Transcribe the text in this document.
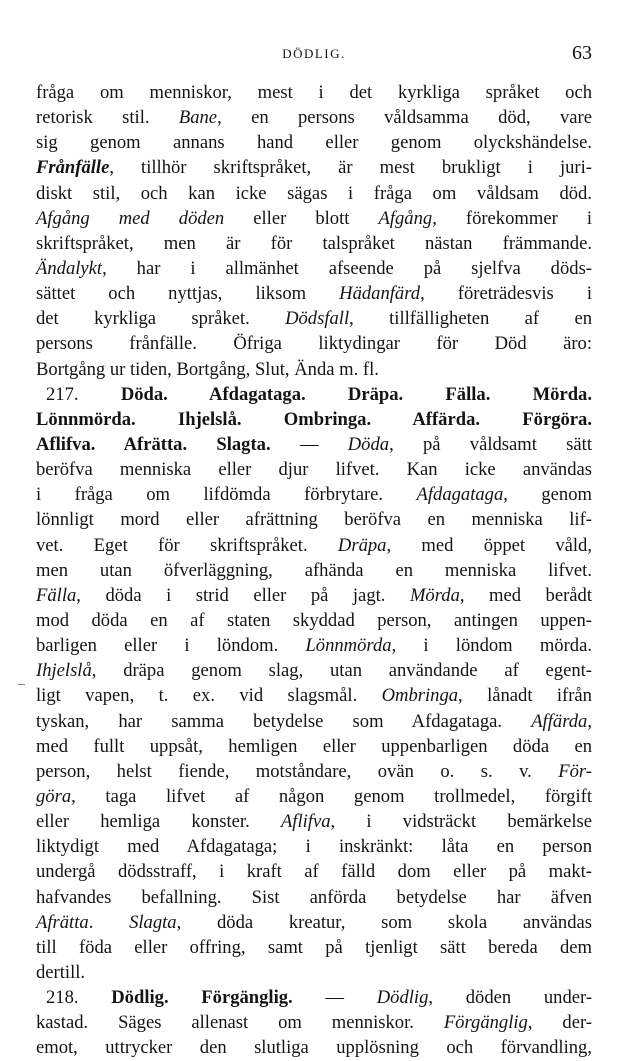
DÖDLIG.	63
_
fråga om menniskor, mest i det kyrkliga språket och
retorisk stil. Bane, en persons våldsamma död, vare
sig genom annans hand eller genom olyckshändelse.
Frånfälle, tillhör skriftspråket, är mest brukligt i juri-
diskt stil, och kan icke sägas i fråga om våldsam död.
Afgång med döden eller blott Afgång, förekommer i
skriftspråket, men är för talspråket nästan främmande.
Ändalykt, har i allmänhet afseende på sjelfva döds-
sättet och nyttjas, liksom Hädanfärd, företrädesvis i
det kyrkliga språket. Dödsfall, tillfälligheten af en
persons frånfälle. Öfriga liktydingar för Död äro:
Bortgång ur tiden, Bortgång, Slut, Ända m. fl.
217. Döda. Afdagataga. Dräpa. Fälla. Mörda.
Lönnmörda. Ihjelslå. Ombringa. Affärda. Förgöra.
Aflifva. Afrätta. Slagta. — Döda, på våldsamt sätt
beröfva menniska eller djur lifvet. Kan icke användas
i fråga om lifdömda förbrytare. Afdagataga, genom
lönnligt mord eller afrättning beröfva en menniska lif-
vet. Eget för skriftspråket. Dräpa, med öppet våld,
men utan öfverläggning, afhända en menniska lifvet.
Fälla, döda i strid eller på jagt. Mörda, med berådt
mod döda en af staten skyddad person, antingen uppen-
barligen eller i löndom. Lönnmörda, i löndom mörda.
Ihjelslå, dräpa genom slag, utan användande af egent-
ligt vapen, t. ex. vid slagsmål. Ombringa, lånadt ifrån
tyskan, har samma betydelse som Afdagataga. Affärda,
med fullt uppsåt, hemligen eller uppenbarligen döda en
person, helst fiende, motståndare, ovän o. s. v. För-
göra, taga lifvet af någon genom trollmedel, förgift
eller hemliga konster. Aflifva, i vidsträckt bemärkelse
liktydigt med Afdagataga; i inskränkt: låta en person
undergå dödsstraff, i kraft af fälld dom eller på makt-
hafvandes befallning. Sist anförda betydelse har äfven
Afrätta. Slagta, döda kreatur, som skola användas
till föda eller offring, samt på tjenligt sätt bereda dem
dertill.
218. Dödlig. Förgänglig. — Dödlig, döden under-
kastad. Säges allenast om menniskor. Förgänglig, der-
emot, uttrycker den slutliga upplösning och förvandling,
